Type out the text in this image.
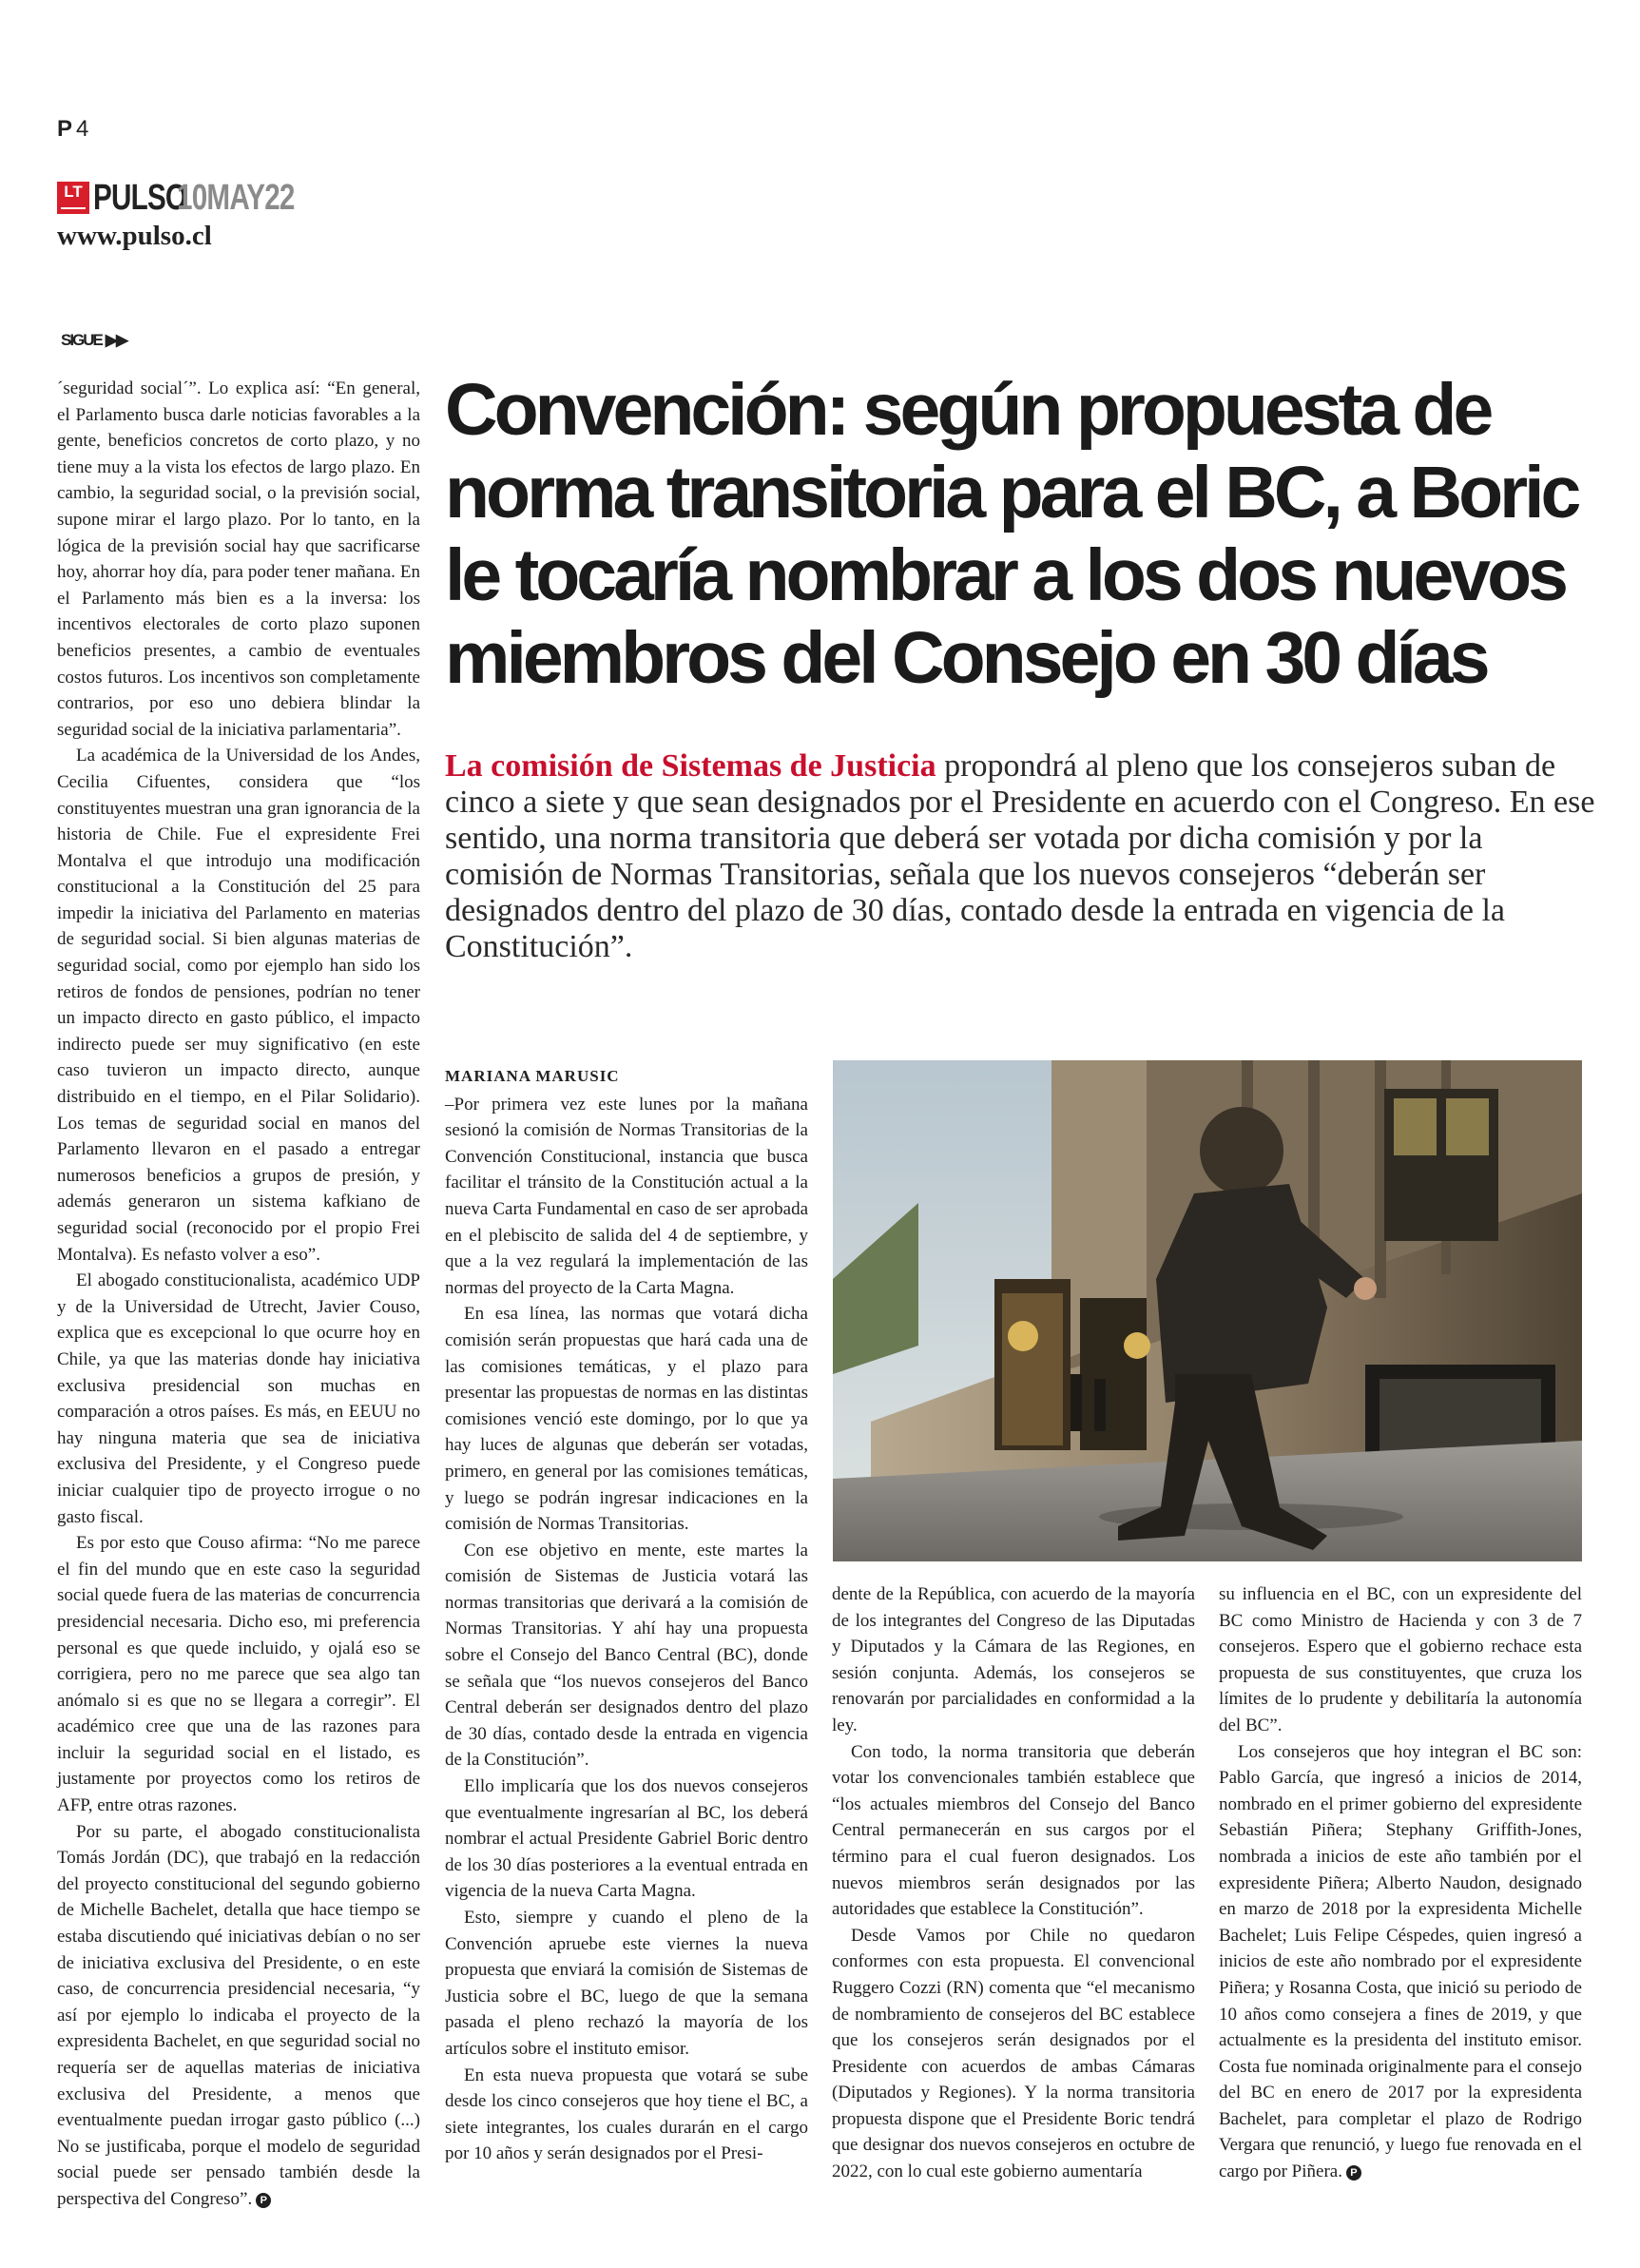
P 4
LT PULSO
10MAY22
www.pulso.cl
SIGUE ▶▶
Convención: según propuesta de
norma transitoria para el BC, a Boric
le tocaría nombrar a los dos nuevos
miembros del Consejo en 30 días
La comisión de Sistemas de Justicia propondrá al pleno que los consejeros suban de cinco a siete y que sean designados por el Presidente en acuerdo con el Congreso. En ese sentido, una norma transitoria que deberá ser votada por dicha comisión y por la comisión de Normas Transitorias, señala que los nuevos consejeros “deberán ser designados dentro del plazo de 30 días, contado desde la entrada en vigencia de la Constitución”.

´seguridad social´”. Lo explica así: “En general, el Parlamento busca darle noticias favorables a la gente, beneficios concretos de corto plazo, y no tiene muy a la vista los efectos de largo plazo. En cambio, la seguridad social, o la previsión social, supone mirar el largo plazo. Por lo tanto, en la lógica de la previsión social hay que sacrificarse hoy, ahorrar hoy día, para poder tener mañana. En el Parlamento más bien es a la inversa: los incentivos electorales de corto plazo suponen beneficios presentes, a cambio de eventuales costos futuros. Los incentivos son completamente contrarios, por eso uno debiera blindar la seguridad social de la iniciativa parlamentaria”.

La académica de la Universidad de los Andes, Cecilia Cifuentes, considera que “los constituyentes muestran una gran ignorancia de la historia de Chile. Fue el expresidente Frei Montalva el que introdujo una modificación constitucional a la Constitución del 25 para impedir la iniciativa del Parlamento en materias de seguridad social. Si bien algunas materias de seguridad social, como por ejemplo han sido los retiros de fondos de pensiones, podrían no tener un impacto directo en gasto público, el impacto indirecto puede ser muy significativo (en este caso tuvieron un impacto directo, aunque distribuido en el tiempo, en el Pilar Solidario). Los temas de seguridad social en manos del Parlamento llevaron en el pasado a entregar numerosos beneficios a grupos de presión, y además generaron un sistema kafkiano de seguridad social (reconocido por el propio Frei Montalva). Es nefasto volver a eso”.

El abogado constitucionalista, académico UDP y de la Universidad de Utrecht, Javier Couso, explica que es excepcional lo que ocurre hoy en Chile, ya que las materias donde hay iniciativa exclusiva presidencial son muchas en comparación a otros países. Es más, en EEUU no hay ninguna materia que sea de iniciativa exclusiva del Presidente, y el Congreso puede iniciar cualquier tipo de proyecto irrogue o no gasto fiscal.

Es por esto que Couso afirma: “No me parece el fin del mundo que en este caso la seguridad social quede fuera de las materias de concurrencia presidencial necesaria. Dicho eso, mi preferencia personal es que quede incluido, y ojalá eso se corrigiera, pero no me parece que sea algo tan anómalo si es que no se llegara a corregir”. El académico cree que una de las razones para incluir la seguridad social en el listado, es justamente por proyectos como los retiros de AFP, entre otras razones.

Por su parte, el abogado constitucionalista Tomás Jordán (DC), que trabajó en la redacción del proyecto constitucional del segundo gobierno de Michelle Bachelet, detalla que hace tiempo se estaba discutiendo qué iniciativas debían o no ser de iniciativa exclusiva del Presidente, o en este caso, de concurrencia presidencial necesaria, “y así por ejemplo lo indicaba el proyecto de la expresidenta Bachelet, en que seguridad social no requería ser de aquellas materias de iniciativa exclusiva del Presidente, a menos que eventualmente puedan irrogar gasto público (...) No se justificaba, porque el modelo de seguridad social puede ser pensado también desde la perspectiva del Congreso”. P

MARIANA MARUSIC

–Por primera vez este lunes por la mañana sesionó la comisión de Normas Transitorias de la Convención Constitucional, instancia que busca facilitar el tránsito de la Constitución actual a la nueva Carta Fundamental en caso de ser aprobada en el plebiscito de salida del 4 de septiembre, y que a la vez regulará la implementación de las normas del proyecto de la Carta Magna.

En esa línea, las normas que votará dicha comisión serán propuestas que hará cada una de las comisiones temáticas, y el plazo para presentar las propuestas de normas en las distintas comisiones venció este domingo, por lo que ya hay luces de algunas que deberán ser votadas, primero, en general por las comisiones temáticas, y luego se podrán ingresar indicaciones en la comisión de Normas Transitorias.

Con ese objetivo en mente, este martes la comisión de Sistemas de Justicia votará las normas transitorias que derivará a la comisión de Normas Transitorias. Y ahí hay una propuesta sobre el Consejo del Banco Central (BC), donde se señala que “los nuevos consejeros del Banco Central deberán ser designados dentro del plazo de 30 días, contado desde la entrada en vigencia de la Constitución”.

Ello implicaría que los dos nuevos consejeros que eventualmente ingresarían al BC, los deberá nombrar el actual Presidente Gabriel Boric dentro de los 30 días posteriores a la eventual entrada en vigencia de la nueva Carta Magna.

Esto, siempre y cuando el pleno de la Convención apruebe este viernes la nueva propuesta que enviará la comisión de Sistemas de Justicia sobre el BC, luego de que la semana pasada el pleno rechazó la mayoría de los artículos sobre el instituto emisor.

En esta nueva propuesta que votará se sube desde los cinco consejeros que hoy tiene el BC, a siete integrantes, los cuales durarán en el cargo por 10 años y serán designados por el Presi-

dente de la República, con acuerdo de la mayoría de los integrantes del Congreso de las Diputadas y Diputados y la Cámara de las Regiones, en sesión conjunta. Además, los consejeros se renovarán por parcialidades en conformidad a la ley.

Con todo, la norma transitoria que deberán votar los convencionales también establece que “los actuales miembros del Consejo del Banco Central permanecerán en sus cargos por el término para el cual fueron designados. Los nuevos miembros serán designados por las autoridades que establece la Constitución”.

Desde Vamos por Chile no quedaron conformes con esta propuesta. El convencional Ruggero Cozzi (RN) comenta que “el mecanismo de nombramiento de consejeros del BC establece que los consejeros serán designados por el Presidente con acuerdos de ambas Cámaras (Diputados y Regiones). Y la norma transitoria propuesta dispone que el Presidente Boric tendrá que designar dos nuevos consejeros en octubre de 2022, con lo cual este gobierno aumentaría

su influencia en el BC, con un expresidente del BC como Ministro de Hacienda y con 3 de 7 consejeros. Espero que el gobierno rechace esta propuesta de sus constituyentes, que cruza los límites de lo prudente y debilitaría la autonomía del BC”.

Los consejeros que hoy integran el BC son: Pablo García, que ingresó a inicios de 2014, nombrado en el primer gobierno del expresidente Sebastián Piñera; Stephany Griffith-Jones, nombrada a inicios de este año también por el expresidente Piñera; Alberto Naudon, designado en marzo de 2018 por la expresidenta Michelle Bachelet; Luis Felipe Céspedes, quien ingresó a inicios de este año nombrado por el expresidente Piñera; y Rosanna Costa, que inició su periodo de 10 años como consejera a fines de 2019, y que actualmente es la presidenta del instituto emisor. Costa fue nominada originalmente para el consejo del BC en enero de 2017 por la expresidenta Bachelet, para completar el plazo de Rodrigo Vergara que renunció, y luego fue renovada en el cargo por Piñera. P
